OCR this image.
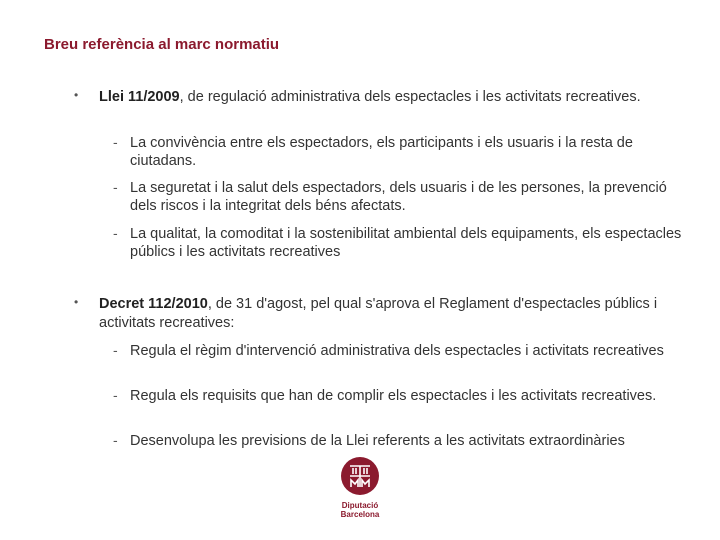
Breu referència al marc normatiu
• Llei 11/2009, de regulació administrativa dels espectacles i les activitats recreatives.
- La convivència entre els espectadors, els participants i els usuaris i la resta de ciutadans.
- La seguretat i la salut dels espectadors, dels usuaris i de les persones, la prevenció dels riscos i la integritat dels béns afectats.
- La qualitat, la comoditat i la sostenibilitat ambiental dels equipaments, els espectacles públics i les activitats recreatives
• Decret 112/2010, de 31 d'agost, pel qual s'aprova el Reglament d'espectacles públics i activitats recreatives:
- Regula el règim d'intervenció administrativa dels espectacles i activitats recreatives
- Regula els requisits que han de complir els espectacles i les activitats recreatives.
- Desenvolupa les previsions de la Llei referents a les activitats extraordinàries
Diputació
Barcelona
